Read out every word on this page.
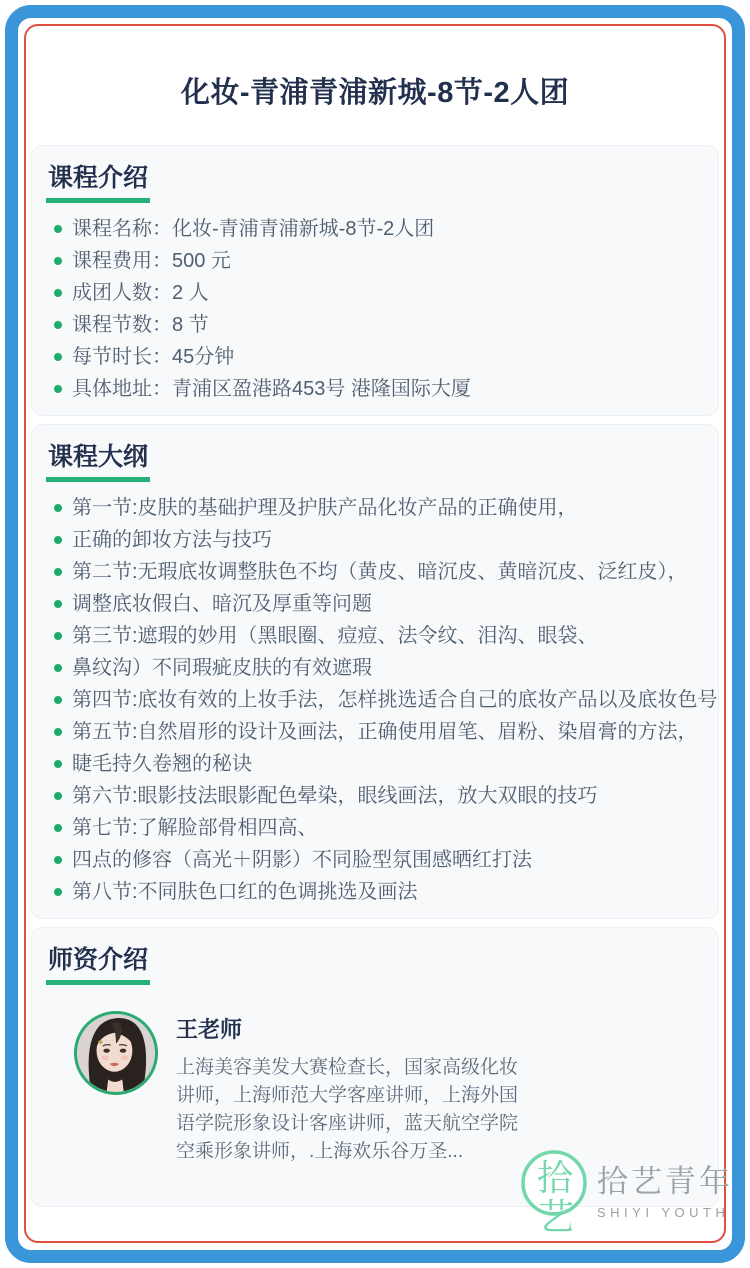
化妆-青浦青浦新城-8节-2人团
课程介绍
课程名称：化妆-青浦青浦新城-8节-2人团
课程费用：500 元
成团人数：2 人
课程节数：8 节
每节时长：45分钟
具体地址：青浦区盈港路453号 港隆国际大厦
课程大纲
第一节:皮肤的基础护理及护肤产品化妆产品的正确使用，
正确的卸妆方法与技巧
第二节:无瑕底妆调整肤色不均（黄皮、暗沉皮、黄暗沉皮、泛红皮），
调整底妆假白、暗沉及厚重等问题
第三节:遮瑕的妙用（黑眼圈、痘痘、法令纹、泪沟、眼袋、
鼻纹沟）不同瑕疵皮肤的有效遮瑕
第四节:底妆有效的上妆手法，怎样挑选适合自己的底妆产品以及底妆色号
第五节:自然眉形的设计及画法，正确使用眉笔、眉粉、染眉膏的方法，
睫毛持久卷翘的秘诀
第六节:眼影技法眼影配色晕染，眼线画法，放大双眼的技巧
第七节:了解脸部骨相四高、
四点的修容（高光＋阴影）不同脸型氛围感晒红打法
第八节:不同肤色口红的色调挑选及画法
师资介绍
王老师
上海美容美发大赛检查长，国家高级化妆讲师，上海师范大学客座讲师，上海外国语学院形象设计客座讲师，蓝天航空学院空乘形象讲师，.上海欢乐谷万圣...
拾
艺
拾艺青年
SHIYI YOUTH
